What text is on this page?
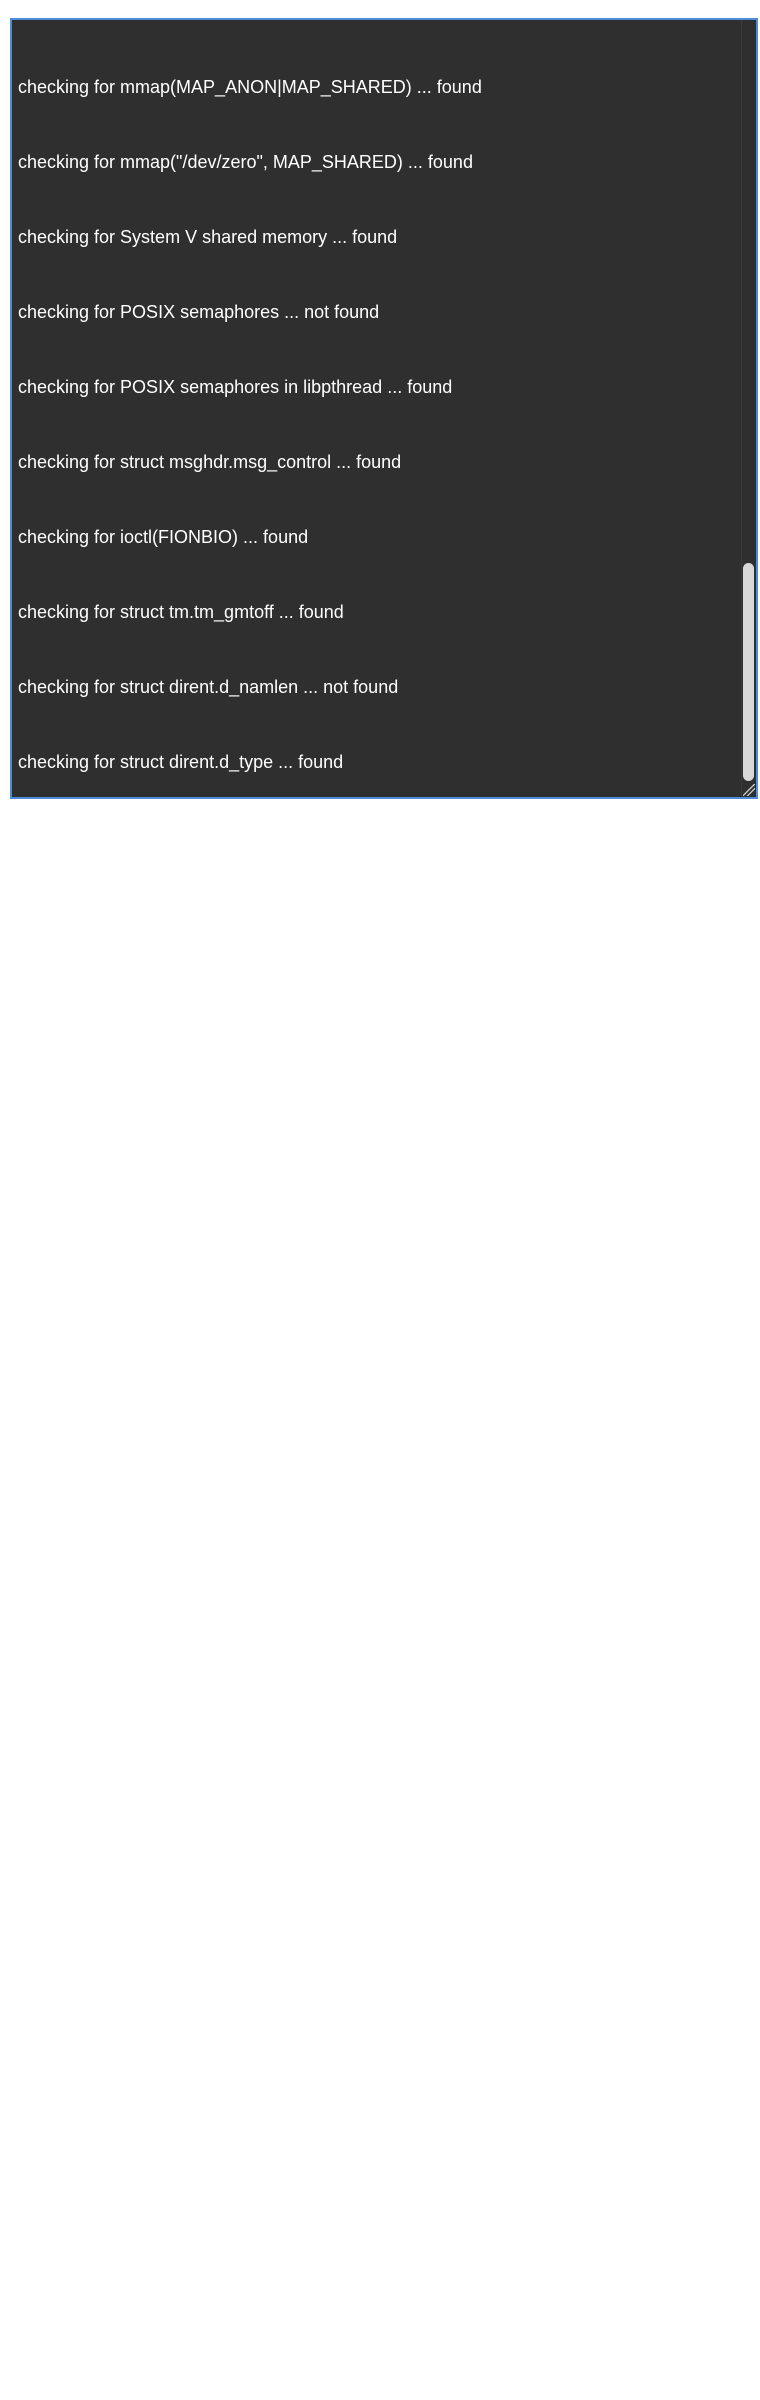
checking for mmap(MAP_ANON|MAP_SHARED) ... found

checking for mmap("/dev/zero", MAP_SHARED) ... found

checking for System V shared memory ... found

checking for POSIX semaphores ... not found

checking for POSIX semaphores in libpthread ... found

checking for struct msghdr.msg_control ... found

checking for ioctl(FIONBIO) ... found

checking for struct tm.tm_gmtoff ... found

checking for struct dirent.d_namlen ... not found

checking for struct dirent.d_type ... found

checking for sysconf(_SC_NPROCESSORS_ONLN) ... found

checking for sysconf(_SC_LEVEL1_DCACHE_LINESIZE) ... found

checking for openat(), fstatat() ... found

checking for getaddrinfo() ... found

configuring additional modules

adding module in /www/server/nginx/src/ngx_devel_kit

+ ngx_devel_kit was configured

adding module in /www/server/nginx/src/lua_nginx_module

checking for LuaJIT library in /usr/local/lib and /usr/local/include/luajit-2.0/

(specified by the LUAJIT_LIB and LUAJIT_INC env, with -ldl) ... not found

checking for LuaJIT library in /usr/local/lib and /usr/local/include/luajit-2.0/

(specified by the LUAJIT_LIB and LUAJIT_INC env) ... not found

./configure: error: ngx_http_lua_module requires the Lua or LuaJIT library and

LUAJIT_LIB is defined as /usr/local/lib and LUAJIT_INC (path for lua.h)

/usr/local/include/luajit-2.0/, but we cannot find LuaJIT there.

make: *** No rule to make target 'build', needed by 'default'. Stop.

make: *** No rule to make target 'install'. Stop.

====================================================

===

□[31mERROR: nginx-1.15.10 installation failed.□[0m

□[31m安装失败，请截图以上报错信息发帖至论坛www.bt.cn/bbs求助□[0m
